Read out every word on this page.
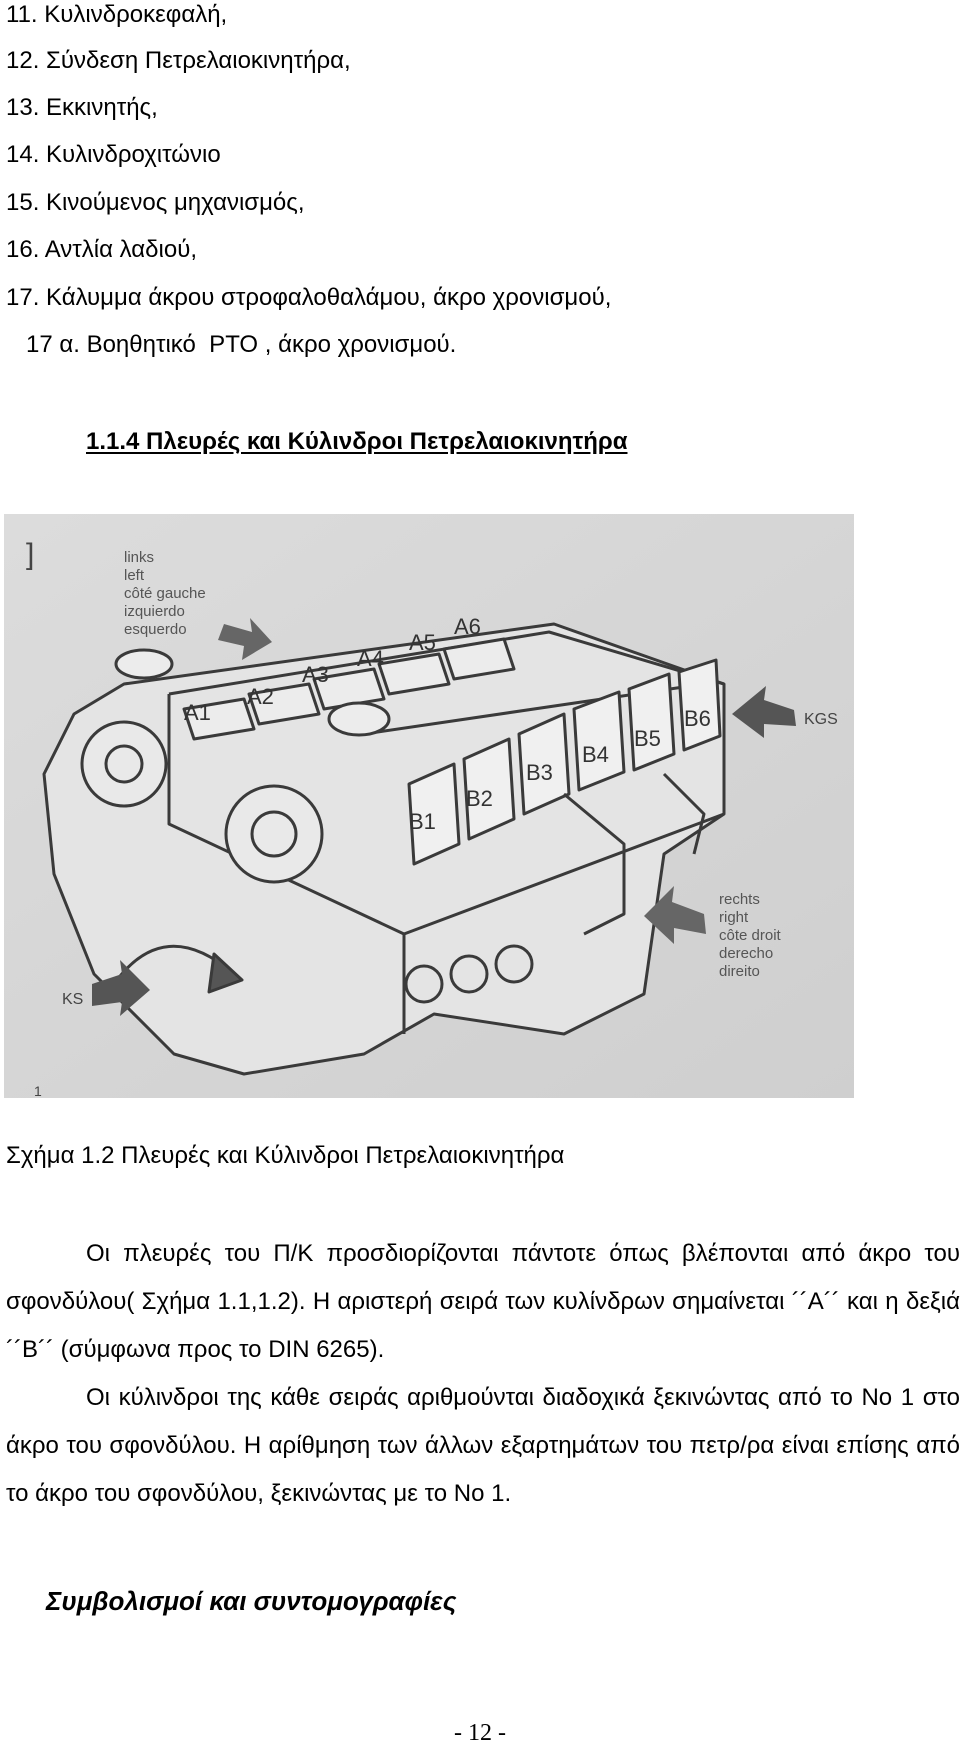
11. Κυλινδροκεφαλή,
12. Σύνδεση Πετρελαιοκινητήρα,
13. Εκκινητής,
14. Κυλινδροχιτώνιο
15. Κινούμενος μηχανισμός,
16. Αντλία λαδιού,
17. Κάλυμμα άκρου στροφαλοθαλάμου, άκρο χρονισμού,
17 α. Βοηθητικό  PTO , άκρο χρονισμού.
1.1.4 Πλευρές και Κύλινδροι Πετρελαιοκινητήρα
]	links
left
côté gauche
izquierdo
esquerdo
A1
A2
A3
A4
A5
A6
B1
B2
B3
B4
B5
B6	KGS
rechts
right
côte droit
derecho
direito
KS
1
Σχήμα 1.2 Πλευρές και Κύλινδροι Πετρελαιοκινητήρα
Οι πλευρές του Π/Κ προσδιορίζονται πάντοτε όπως βλέπονται από άκρο του σφονδύλου( Σχήμα 1.1,1.2). Η αριστερή σειρά των κυλίνδρων σημαίνεται ´´Α´´ και η δεξιά ´´Β´´ (σύμφωνα προς το DIN 6265).
Οι κύλινδροι της κάθε σειράς αριθμούνται διαδοχικά ξεκινώντας από το Νο 1 στο άκρο του σφονδύλου. Η αρίθμηση των άλλων εξαρτημάτων του πετρ/ρα είναι επίσης από το άκρο του σφονδύλου, ξεκινώντας με το Νο 1.
Συμβολισμοί και συντομογραφίες
- 12 -
